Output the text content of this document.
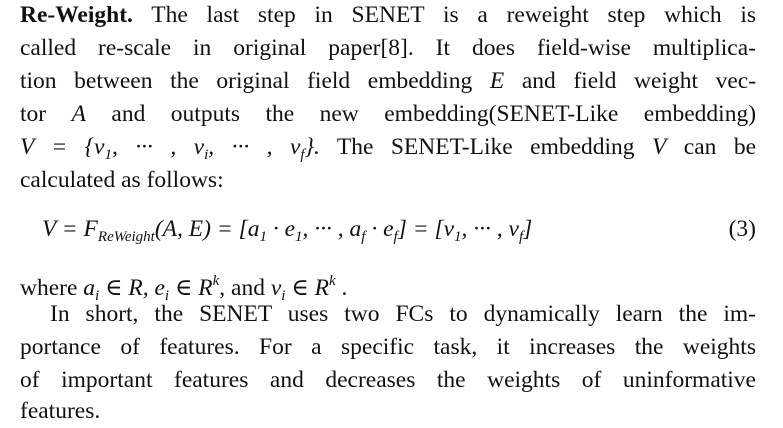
Re-Weight. The last step in SENET is a reweight step which is
called re-scale in original paper[8]. It does field-wise multiplica-
tion between the original field embedding E and field weight vec-
tor A and outputs the new embedding(SENET-Like embedding)
$V = \{v_1$, ··· , $v_i$, ··· , $v_f$}. The SENET-Like embedding V can be
calculated as follows:
$V = F_{ReWeight}(A$, $E) = [a_1 \cdot e_1$, ··· , $a_f \cdot e_f] = [v_1$, ··· , $v_f$]	(3)
where $a_i$ ∈ R, $e_i$ ∈ $R^k$, and $v_i$ ∈ $R^k$ .
In short, the SENET uses two FCs to dynamically learn the im-
portance of features. For a specific task, it increases the weights
of important features and decreases the weights of uninformative
features.
